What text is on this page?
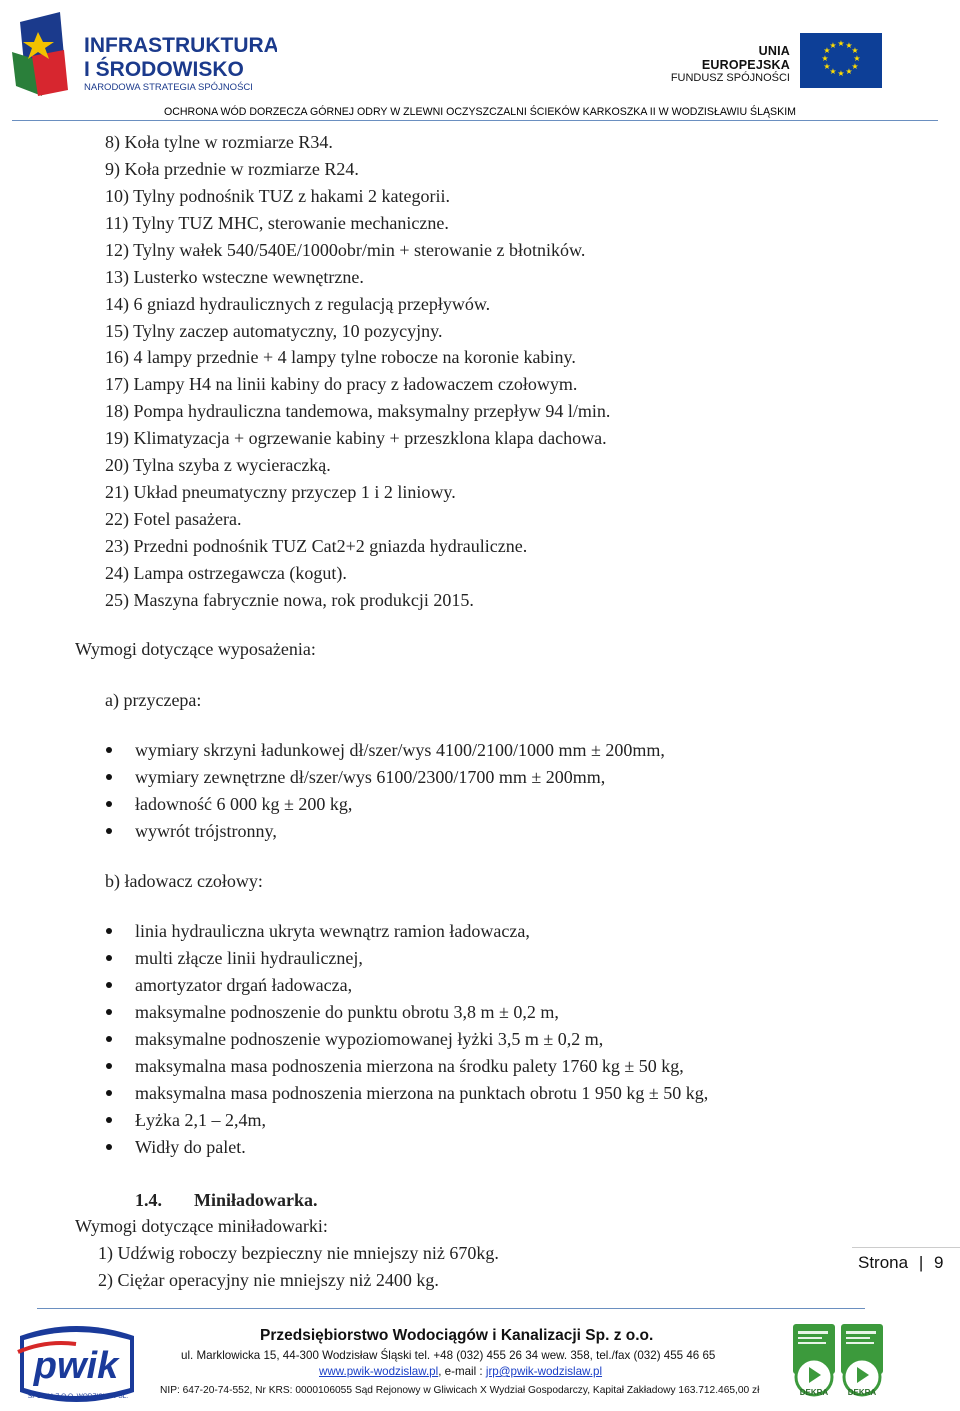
INFRASTRUKTURA
I ŚRODOWISKO
NARODOWA STRATEGIA SPÓJNOŚCI
UNIA EUROPEJSKA
FUNDUSZ SPÓJNOŚCI
★ ★
★
★
★
★
★
★
★
★
★
★
OCHRONA WÓD DORZECZA GÓRNEJ ODRY W ZLEWNI OCZYSZCZALNI ŚCIEKÓW KARKOSZKA II W WODZISŁAWIU ŚLĄSKIM
8) Koła tylne w rozmiarze R34.
9) Koła przednie w rozmiarze R24.
10) Tylny podnośnik TUZ z hakami 2 kategorii.
11) Tylny TUZ MHC, sterowanie mechaniczne.
12) Tylny wałek 540/540E/1000obr/min + sterowanie z błotników.
13) Lusterko wsteczne wewnętrzne.
14) 6 gniazd hydraulicznych z regulacją przepływów.
15) Tylny zaczep automatyczny, 10 pozycyjny.
16) 4 lampy przednie + 4 lampy tylne robocze na koronie kabiny.
17) Lampy H4 na linii kabiny do pracy z ładowaczem czołowym.
18) Pompa hydrauliczna tandemowa, maksymalny przepływ 94 l/min.
19) Klimatyzacja + ogrzewanie kabiny + przeszklona klapa dachowa.
20) Tylna szyba z wycieraczką.
21) Układ pneumatyczny przyczep 1 i 2 liniowy.
22) Fotel pasażera.
23) Przedni podnośnik TUZ Cat2+2 gniazda hydrauliczne.
24) Lampa ostrzegawcza (kogut).
25) Maszyna fabrycznie nowa, rok produkcji 2015.
Wymogi dotyczące wyposażenia:
a) przyczepa:
wymiary skrzyni ładunkowej dł/szer/wys 4100/2100/1000 mm ± 200mm,
wymiary zewnętrzne dł/szer/wys 6100/2300/1700 mm ± 200mm,
ładowność 6 000 kg ± 200 kg,
wywrót trójstronny,
b) ładowacz czołowy:
linia hydrauliczna ukryta wewnątrz ramion ładowacza,
multi złącze linii hydraulicznej,
amortyzator drgań ładowacza,
maksymalne podnoszenie do punktu obrotu 3,8 m ± 0,2 m,
maksymalne podnoszenie wypoziomowanej łyżki 3,5 m ± 0,2 m,
maksymalna masa podnoszenia mierzona na środku palety 1760 kg ± 50 kg,
maksymalna masa podnoszenia mierzona na punktach obrotu 1 950 kg ± 50 kg,
Łyżka 2,1 – 2,4m,
Widły do palet.
1.4. Miniładowarka.
Wymogi dotyczące miniładowarki:
1) Udźwig roboczy bezpieczny nie mniejszy niż 670kg.
2) Ciężar operacyjny nie mniejszy niż 2400 kg.
Strona | 9
pwik
SPÓŁKA Z O.O. WODZISŁAW ŚL.
Przedsiębiorstwo Wodociągów i Kanalizacji Sp. z o.o.
ul. Marklowicka 15, 44-300 Wodzisław Śląski tel. +48 (032) 455 26 34 wew. 358, tel./fax (032) 455 46 65
www.pwik-wodzislaw.pl, e-mail : jrp@pwik-wodzislaw.pl
NIP: 647-20-74-552, Nr KRS: 0000106055 Sąd Rejonowy w Gliwicach X Wydział Gospodarczy, Kapitał Zakładowy 163.712.465,00 zł	DEKRA DEKRA
